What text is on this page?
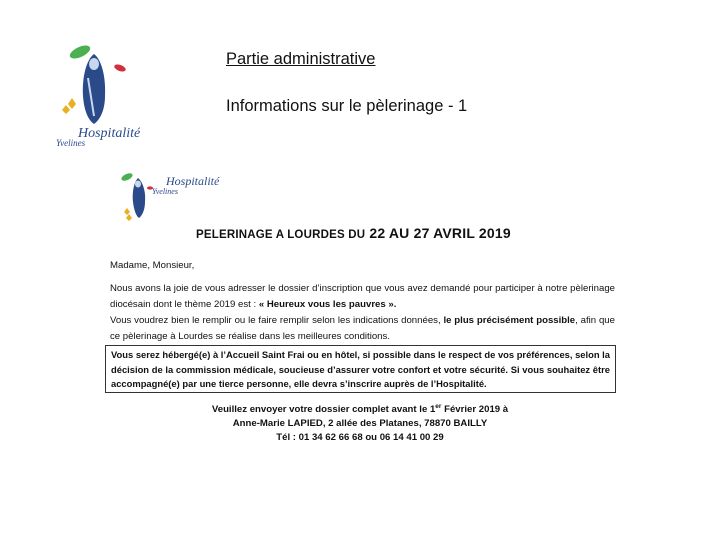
Hospitalité
Yvelines
Partie administrative
Informations sur le pèlerinage - 1
Hospitalité
Yvelines
PELERINAGE A LOURDES DU 22 AU 27 AVRIL 2019
Madame, Monsieur,
Nous avons la joie de vous adresser le dossier d’inscription que vous avez demandé pour participer à notre pèlerinage diocésain dont le thème 2019 est : « Heureux vous les pauvres ».
Vous voudrez bien le remplir ou le faire remplir selon les indications données, le plus précisément possible, afin que ce pèlerinage à Lourdes se réalise dans les meilleures conditions.
Vous serez hébergé(e) à l’Accueil Saint Frai ou en hôtel, si possible dans le respect de vos préférences, selon la décision de la commission médicale, soucieuse d’assurer votre confort et votre sécurité. Si vous souhaitez être accompagné(e) par une tierce personne, elle devra s’inscrire auprès de l’Hospitalité.
Veuillez envoyer votre dossier complet avant le 1er Février 2019 à
Anne-Marie LAPIED, 2 allée des Platanes, 78870 BAILLY
Tél : 01 34 62 66 68 ou 06 14 41 00 29
